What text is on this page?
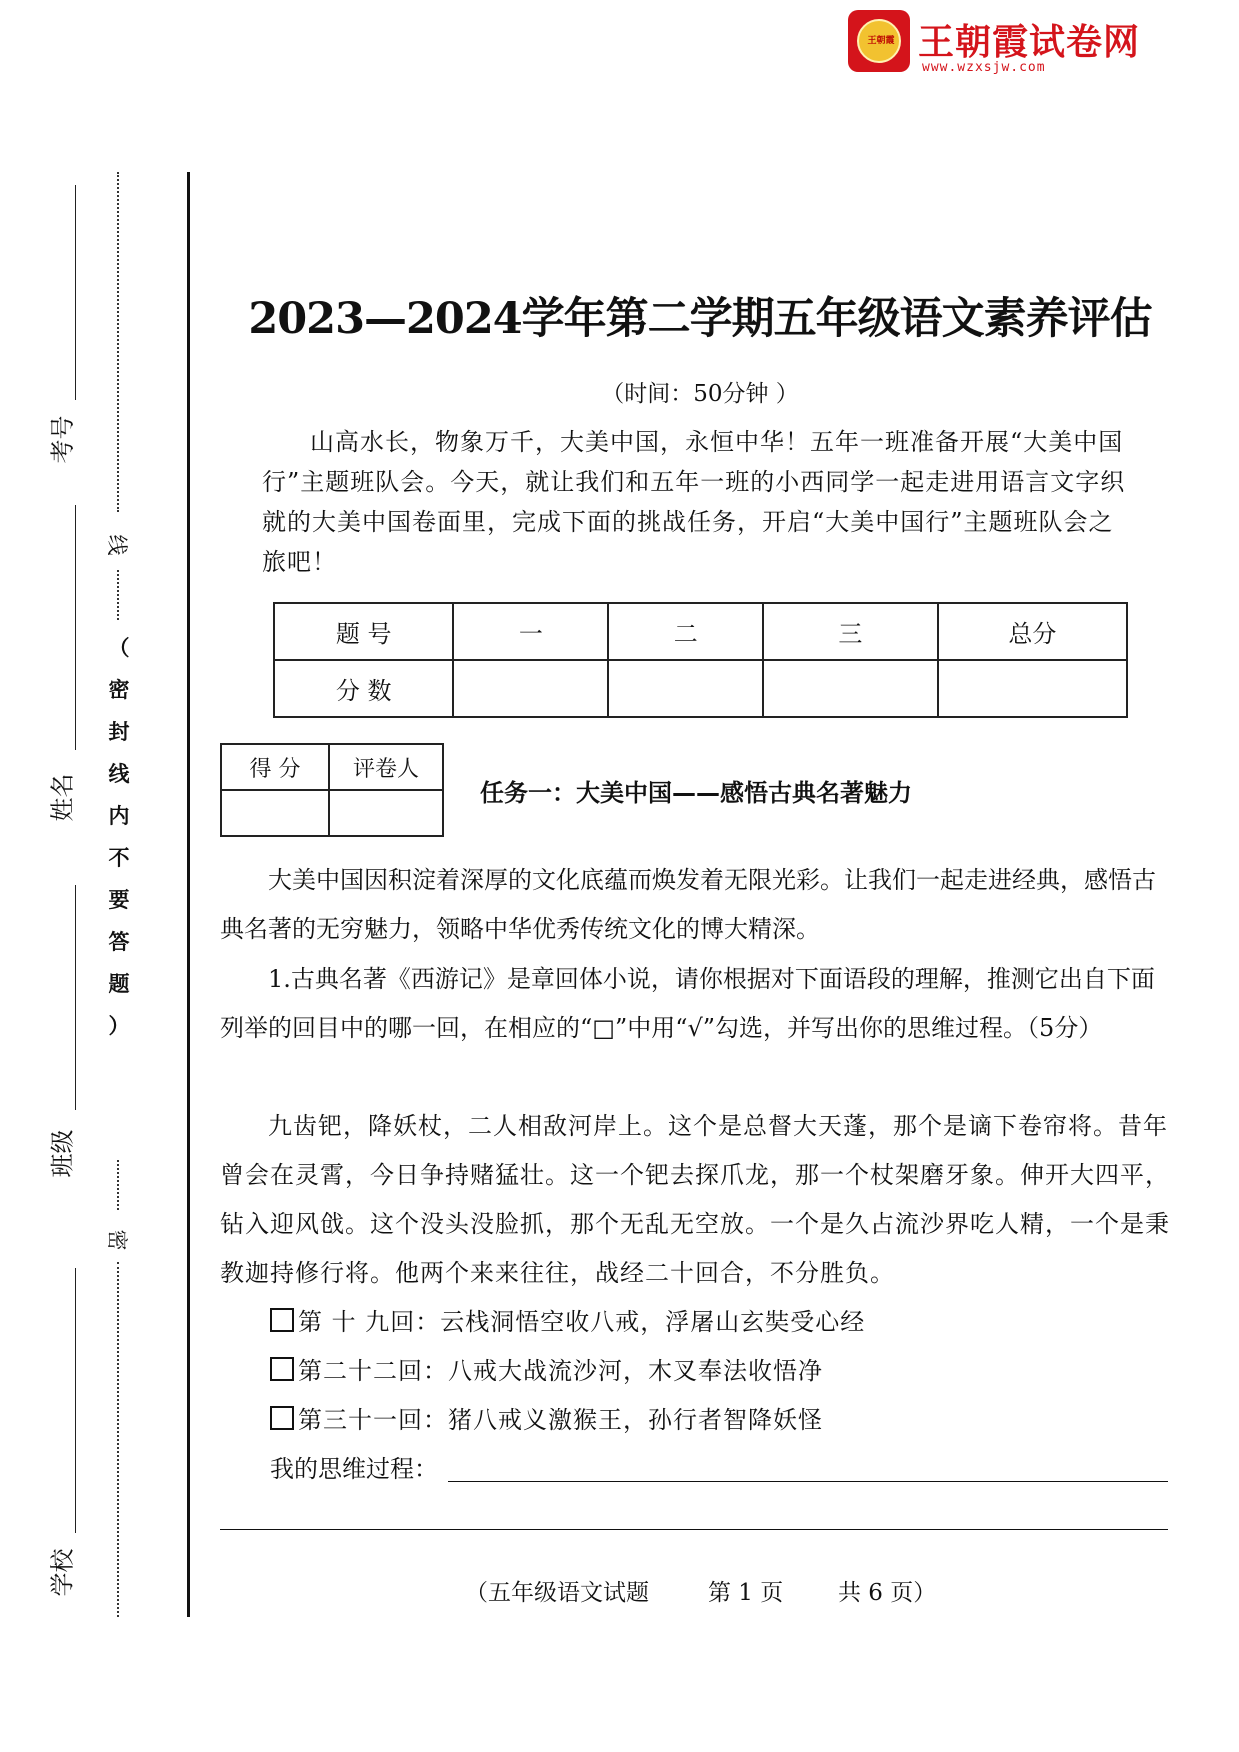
王朝霞 王朝霞试卷网
www.wzxsjw.com
考号
姓名
班级
学校
线
（
密
封
线
内
不
要
答
题
）
密
2023—2024学年第二学期五年级语文素养评估
（时间：50分钟 ）

山高水长，物象万千，大美中国，永恒中华！五年一班准备开展“大美中国行”主题班队会。今天，就让我们和五年一班的小西同学一起走进用语言文字织就的大美中国卷面里，完成下面的挑战任务，开启“大美中国行”主题班队会之旅吧！

题 号	一	二	三	总分
分 数				
得 分	评卷人

任务一：大美中国——感悟古典名著魅力

大美中国因积淀着深厚的文化底蕴而焕发着无限光彩。让我们一起走进经典，感悟古典名著的无穷魅力，领略中华优秀传统文化的博大精深。

1.古典名著《西游记》是章回体小说，请你根据对下面语段的理解，推测它出自下面列举的回目中的哪一回，在相应的“□”中用“√”勾选，并写出你的思维过程。（5分）

九齿钯，降妖杖，二人相敌河岸上。这个是总督大天蓬，那个是谪下卷帘将。昔年曾会在灵霄，今日争持赌猛壮。这一个钯去探爪龙，那一个杖架磨牙象。伸开大四平，钻入迎风戗。这个没头没脸抓，那个无乱无空放。一个是久占流沙界吃人精，一个是秉教迦持修行将。他两个来来往往，战经二十回合，不分胜负。

第 十 九回：云栈洞悟空收八戒，浮屠山玄奘受心经
第二十二回：八戒大战流沙河，木叉奉法收悟净
第三十一回：猪八戒义激猴王，孙行者智降妖怪
我的思维过程：
（五年级语文试题	第 1 页 共 6 页）
